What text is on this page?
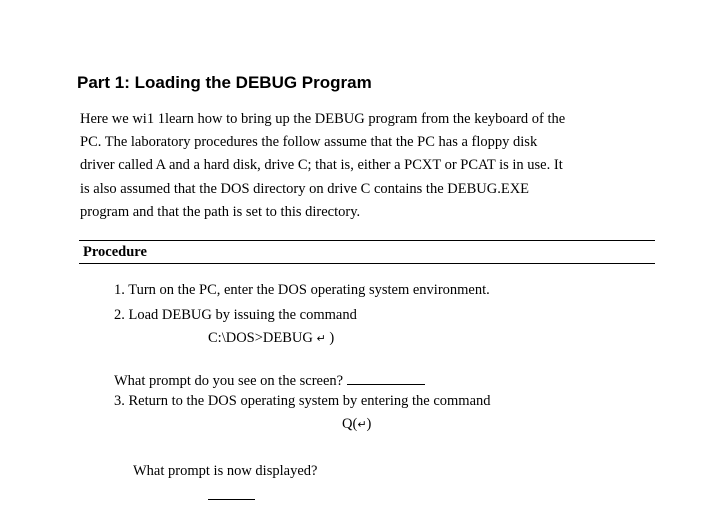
Part 1: Loading the DEBUG Program
Here we wi1 1learn how to bring up the DEBUG program from the keyboard of the
PC. The laboratory procedures the follow assume that the PC has a floppy disk
driver called A and a hard disk, drive C; that is, either a PCXT or PCAT is in use. It
is also assumed that the DOS directory on drive C contains the DEBUG.EXE
program and that the path is set to this directory.
Procedure
1. Turn on the PC, enter the DOS operating system environment.
2. Load DEBUG by issuing the command
C:\DOS>DEBUG ↵ )
What prompt do you see on the screen?
3. Return to the DOS operating system by entering the command
Q(↵)
What prompt is now displayed?
